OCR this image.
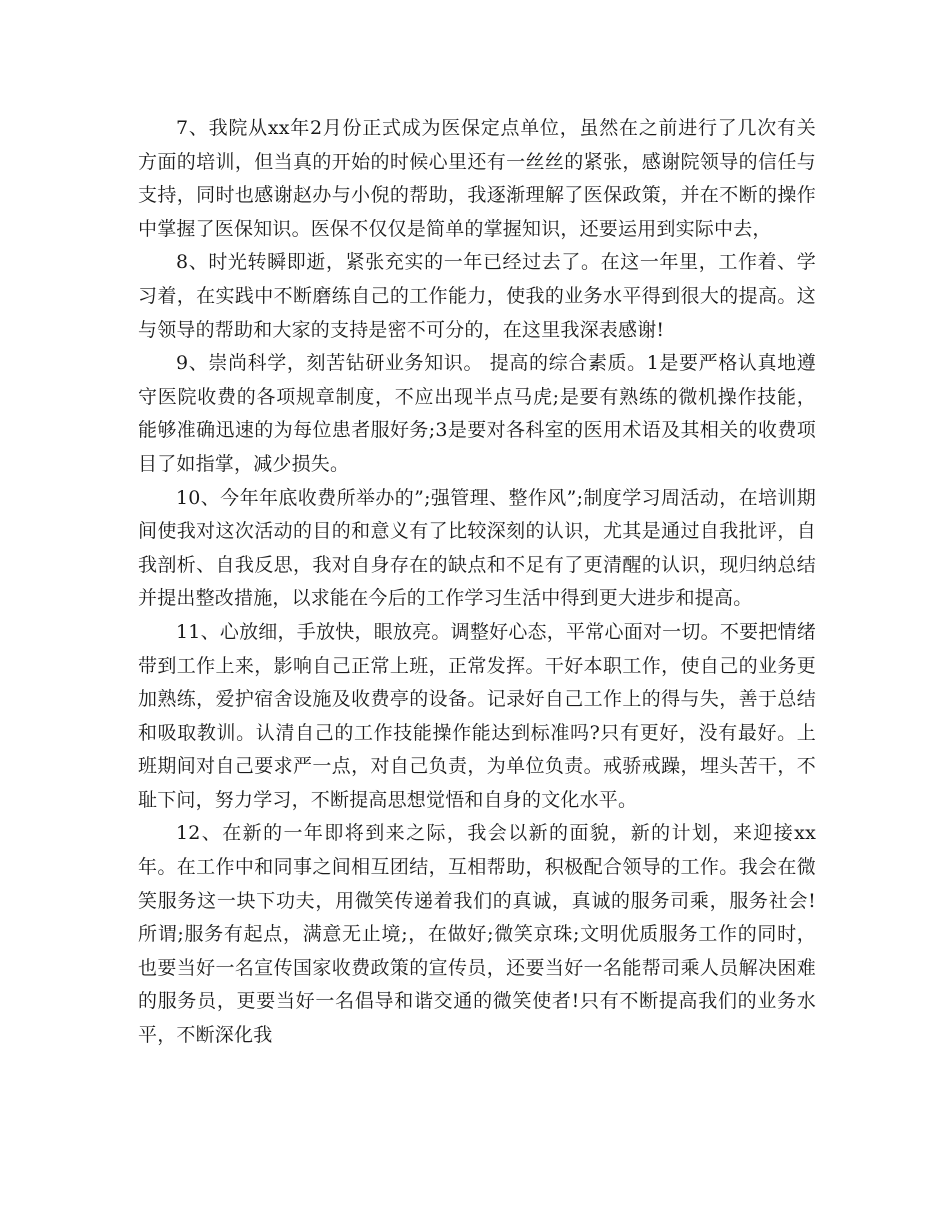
7、我院从xx年2月份正式成为医保定点单位，虽然在之前进行了几次有关方面的培训，但当真的开始的时候心里还有一丝丝的紧张，感谢院领导的信任与支持，同时也感谢赵办与小倪的帮助，我逐渐理解了医保政策，并在不断的操作中掌握了医保知识。医保不仅仅是简单的掌握知识，还要运用到实际中去，

8、时光转瞬即逝，紧张充实的一年已经过去了。在这一年里，工作着、学习着，在实践中不断磨练自己的工作能力，使我的业务水平得到很大的提高。这与领导的帮助和大家的支持是密不可分的，在这里我深表感谢!

9、崇尚科学，刻苦钻研业务知识。 提高的综合素质。1是要严格认真地遵守医院收费的各项规章制度，不应出现半点马虎;是要有熟练的微机操作技能，能够准确迅速的为每位患者服好务;3是要对各科室的医用术语及其相关的收费项目了如指掌，减少损失。

10、今年年底收费所举办的”;强管理、整作风”;制度学习周活动，在培训期间使我对这次活动的目的和意义有了比较深刻的认识，尤其是通过自我批评，自我剖析、自我反思，我对自身存在的缺点和不足有了更清醒的认识，现归纳总结并提出整改措施，以求能在今后的工作学习生活中得到更大进步和提高。

11、心放细，手放快，眼放亮。调整好心态，平常心面对一切。不要把情绪带到工作上来，影响自己正常上班，正常发挥。干好本职工作，使自己的业务更加熟练，爱护宿舍设施及收费亭的设备。记录好自己工作上的得与失，善于总结和吸取教训。认清自己的工作技能操作能达到标准吗?只有更好，没有最好。上班期间对自己要求严一点，对自己负责，为单位负责。戒骄戒躁，埋头苦干，不耻下问，努力学习，不断提高思想觉悟和自身的文化水平。

12、在新的一年即将到来之际，我会以新的面貌，新的计划，来迎接xx年。在工作中和同事之间相互团结，互相帮助，积极配合领导的工作。我会在微笑服务这一块下功夫，用微笑传递着我们的真诚，真诚的服务司乘，服务社会!所谓;服务有起点，满意无止境;，在做好;微笑京珠;文明优质服务工作的同时，也要当好一名宣传国家收费政策的宣传员，还要当好一名能帮司乘人员解决困难的服务员，更要当好一名倡导和谐交通的微笑使者!只有不断提高我们的业务水平，不断深化我
